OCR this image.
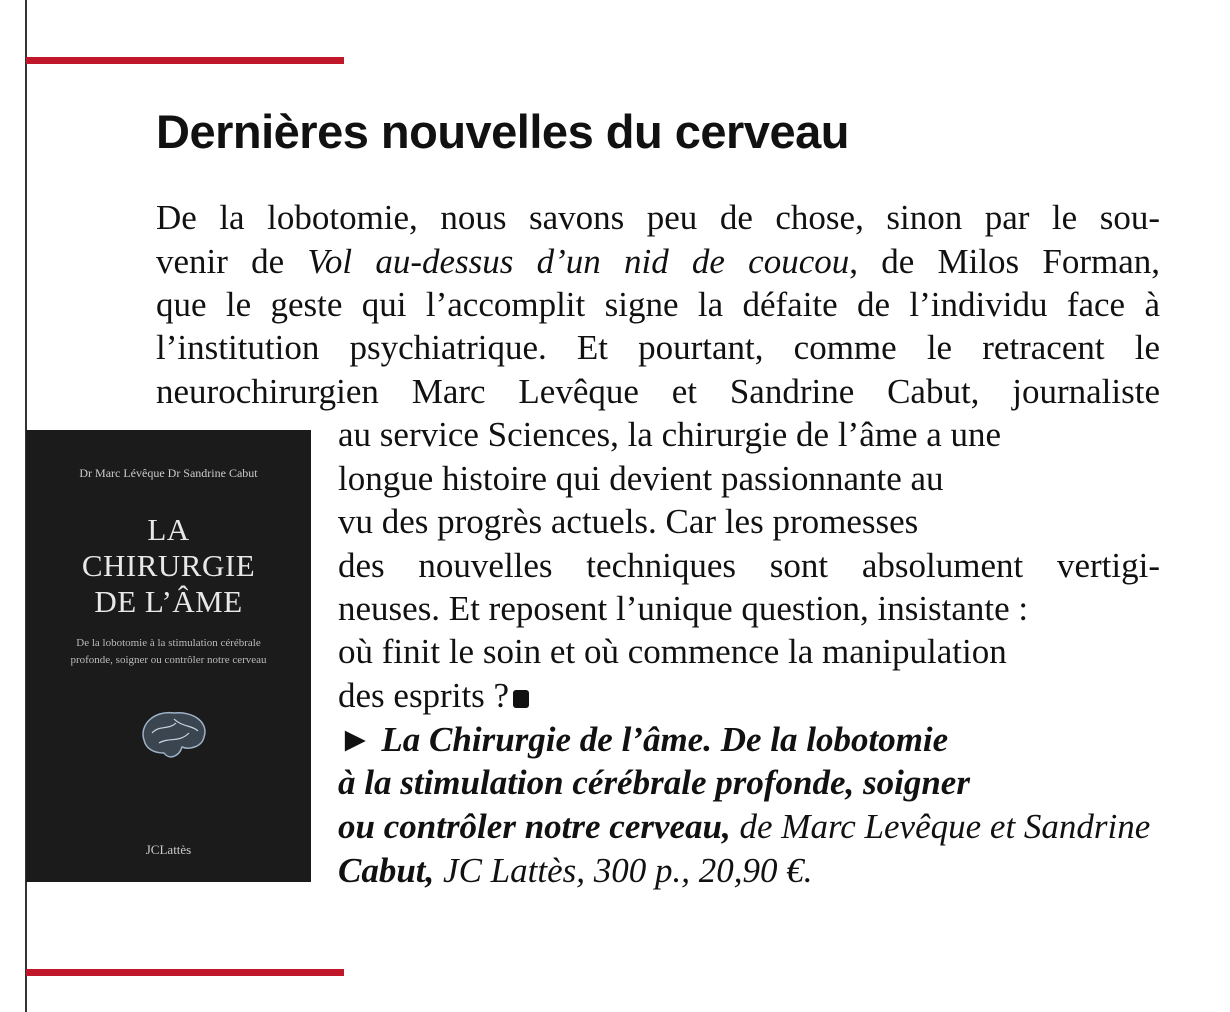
Dernières nouvelles du cerveau
De la lobotomie, nous savons peu de chose, sinon par le sou-
venir de Vol au-dessus d’un nid de coucou, de Milos Forman,
que le geste qui l’accomplit signe la défaite de l’individu face à
l’institution psychiatrique. Et pourtant, comme le retracent le
neurochirurgien Marc Levêque et Sandrine Cabut, journaliste
au service Sciences, la chirurgie de l’âme a une
longue histoire qui devient passionnante au
vu des progrès actuels. Car les promesses
des nouvelles techniques sont absolument vertigi-
neuses. Et reposent l’unique question, insistante :
où finit le soin et où commence la manipulation
des esprits ?
► La Chirurgie de l’âme. De la lobotomie
à la stimulation cérébrale profonde, soigner
ou contrôler notre cerveau, de Marc Levêque et Sandrine
Cabut, JC Lattès, 300 p., 20,90 €.
Dr Marc Lévêque Dr Sandrine Cabut
LA
CHIRURGIE
DE L’ÂME
De la lobotomie à la stimulation cérébrale profonde, soigner ou contrôler notre cerveau
JCLattès
